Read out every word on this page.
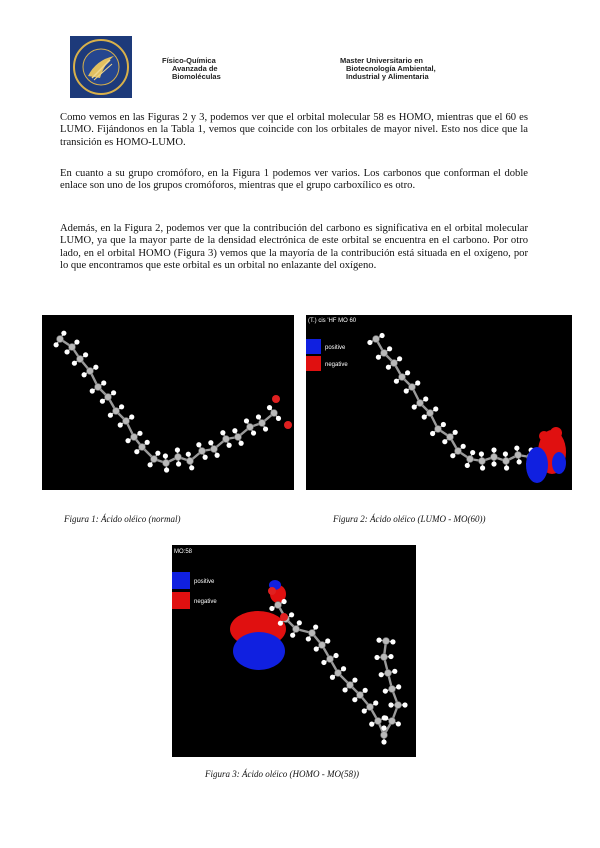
Físico-Química
Avanzada de
Biomoléculas
Master Universitario en
Biotecnología Ambiental,
Industrial y Alimentaria
Como vemos en las Figuras 2 y 3, podemos ver que el orbital molecular 58 es HOMO, mientras que el 60 es LUMO. Fijándonos en la Tabla 1, vemos que coincide con los orbitales de mayor nivel. Esto nos dice que la transición es HOMO-LUMO.
En cuanto a su grupo cromóforo, en la Figura 1 podemos ver varios. Los carbonos que conforman el doble enlace son uno de los grupos cromóforos, mientras que el grupo carboxílico es otro.
Además, en la Figura 2, podemos ver que la contribución del carbono es significativa en el orbital molecular LUMO, ya que la mayor parte de la densidad electrónica de este orbital se encuentra en el carbono. Por otro lado, en el orbital HOMO (Figura 3) vemos que la mayoría de la contribución está situada en el oxígeno, por lo que encontramos que este orbital es un orbital no enlazante del oxígeno.
(T.) cis 'HF MO 60
positive
negative
MO:58
positive
negative
Figura 1: Ácido oléico (normal)	Figura 2: Ácido oléico (LUMO - MO(60))
Figura 3: Ácido oléico (HOMO - MO(58))
